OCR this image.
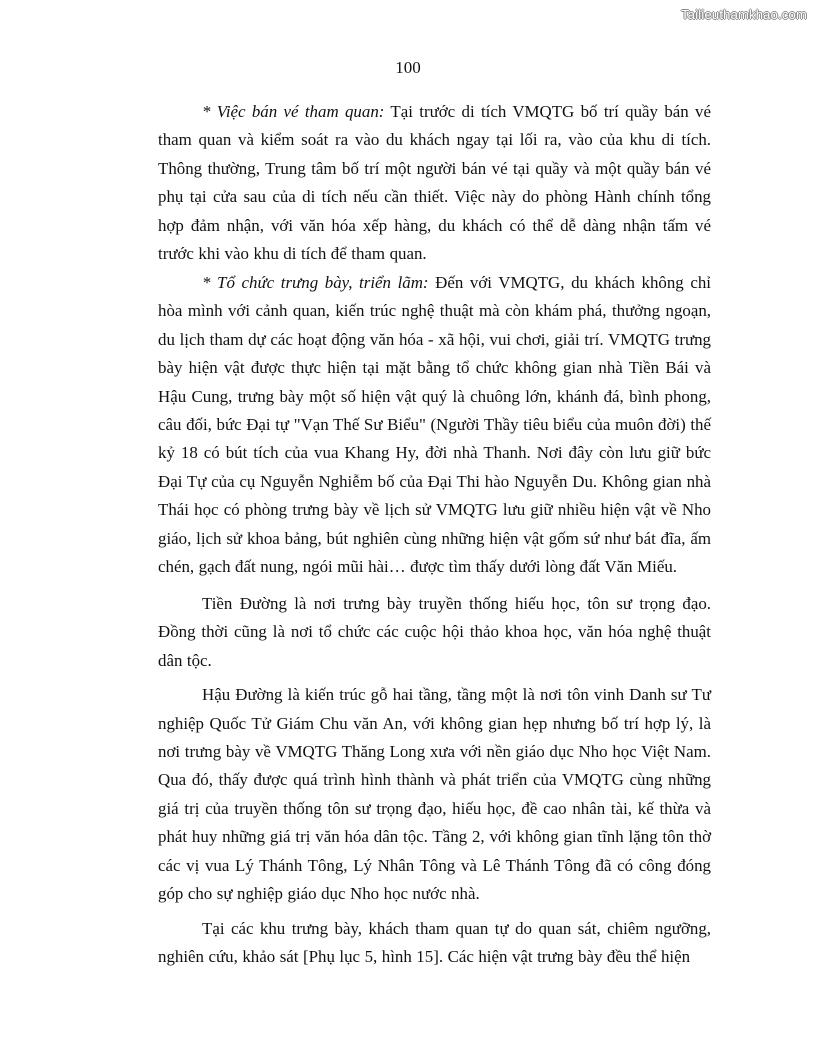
Tailieuthamkhao.com
100

* Việc bán vé tham quan: Tại trước di tích VMQTG bố trí quầy bán vé tham quan và kiểm soát ra vào du khách ngay tại lối ra, vào của khu di tích. Thông thường, Trung tâm bố trí một người bán vé tại quầy và một quầy bán vé phụ tại cửa sau của di tích nếu cần thiết. Việc này do phòng Hành chính tổng hợp đảm nhận, với văn hóa xếp hàng, du khách có thể dễ dàng nhận tấm vé trước khi vào khu di tích để tham quan.

* Tổ chức trưng bày, triển lãm: Đến với VMQTG, du khách không chỉ hòa mình với cảnh quan, kiến trúc nghệ thuật mà còn khám phá, thưởng ngoạn, du lịch tham dự các hoạt động văn hóa - xã hội, vui chơi, giải trí. VMQTG trưng bày hiện vật được thực hiện tại mặt bằng tổ chức không gian nhà Tiền Bái và Hậu Cung, trưng bày một số hiện vật quý là chuông lớn, khánh đá, bình phong, câu đối, bức Đại tự "Vạn Thế Sư Biểu" (Người Thầy tiêu biểu của muôn đời) thế kỷ 18 có bút tích của vua Khang Hy, đời nhà Thanh. Nơi đây còn lưu giữ bức Đại Tự của cụ Nguyễn Nghiễm bố của Đại Thi hào Nguyễn Du. Không gian nhà Thái học có phòng trưng bày về lịch sử VMQTG lưu giữ nhiều hiện vật về Nho giáo, lịch sử khoa bảng, bút nghiên cùng những hiện vật gốm sứ như bát đĩa, ấm chén, gạch đất nung, ngói mũi hài… được tìm thấy dưới lòng đất Văn Miếu.

Tiền Đường là nơi trưng bày truyền thống hiếu học, tôn sư trọng đạo. Đồng thời cũng là nơi tổ chức các cuộc hội thảo khoa học, văn hóa nghệ thuật dân tộc.

Hậu Đường là kiến trúc gỗ hai tầng, tầng một là nơi tôn vinh Danh sư Tư nghiệp Quốc Tử Giám Chu văn An, với không gian hẹp nhưng bố trí hợp lý, là nơi trưng bày về VMQTG Thăng Long xưa với nền giáo dục Nho học Việt Nam. Qua đó, thấy được quá trình hình thành và phát triển của VMQTG cùng những giá trị của truyền thống tôn sư trọng đạo, hiếu học, đề cao nhân tài, kế thừa và phát huy những giá trị văn hóa dân tộc. Tầng 2, với không gian tĩnh lặng tôn thờ các vị vua Lý Thánh Tông, Lý Nhân Tông và Lê Thánh Tông đã có công đóng góp cho sự nghiệp giáo dục Nho học nước nhà.

Tại các khu trưng bày, khách tham quan tự do quan sát, chiêm ngưỡng, nghiên cứu, khảo sát [Phụ lục 5, hình 15]. Các hiện vật trưng bày đều thể hiện
